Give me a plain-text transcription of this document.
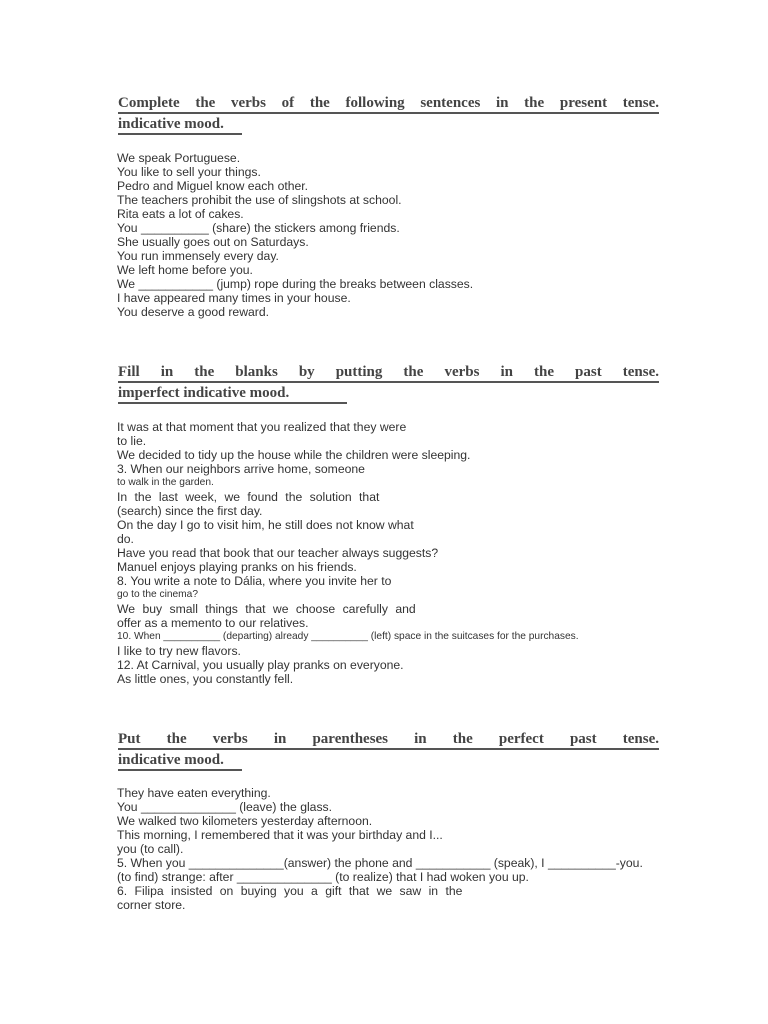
Complete the verbs of the following sentences in the present tense.
indicative mood.
We speak Portuguese.
You like to sell your things.
Pedro and Miguel know each other.
The teachers prohibit the use of slingshots at school.
Rita eats a lot of cakes.
You __________ (share) the stickers among friends.
She usually goes out on Saturdays.
You run immensely every day.
We left home before you.
We ___________ (jump) rope during the breaks between classes.
I have appeared many times in your house.
You deserve a good reward.
Fill in the blanks by putting the verbs in the past tense.
imperfect indicative mood.
It was at that moment that you realized that they were
to lie.
We decided to tidy up the house while the children were sleeping.
3. When our neighbors arrive home, someone
to walk in the garden.
In the last week, we found the solution that
(search) since the first day.
On the day I go to visit him, he still does not know what
do.
Have you read that book that our teacher always suggests?
Manuel enjoys playing pranks on his friends.
8. You write a note to Dália, where you invite her to
go to the cinema?
We buy small things that we choose carefully and
offer as a memento to our relatives.
10. When __________ (departing) already __________ (left) space in the suitcases for the purchases.
I like to try new flavors.
12. At Carnival, you usually play pranks on everyone.
As little ones, you constantly fell.
Put the verbs in parentheses in the perfect past tense.
indicative mood.
They have eaten everything.
You ______________ (leave) the glass.
We walked two kilometers yesterday afternoon.
This morning, I remembered that it was your birthday and I...
you (to call).
5. When you ______________(answer) the phone and ___________ (speak), I __________-you.
(to find) strange: after ______________ (to realize) that I had woken you up.
6. Filipa insisted on buying you a gift that we saw in the
corner store.
